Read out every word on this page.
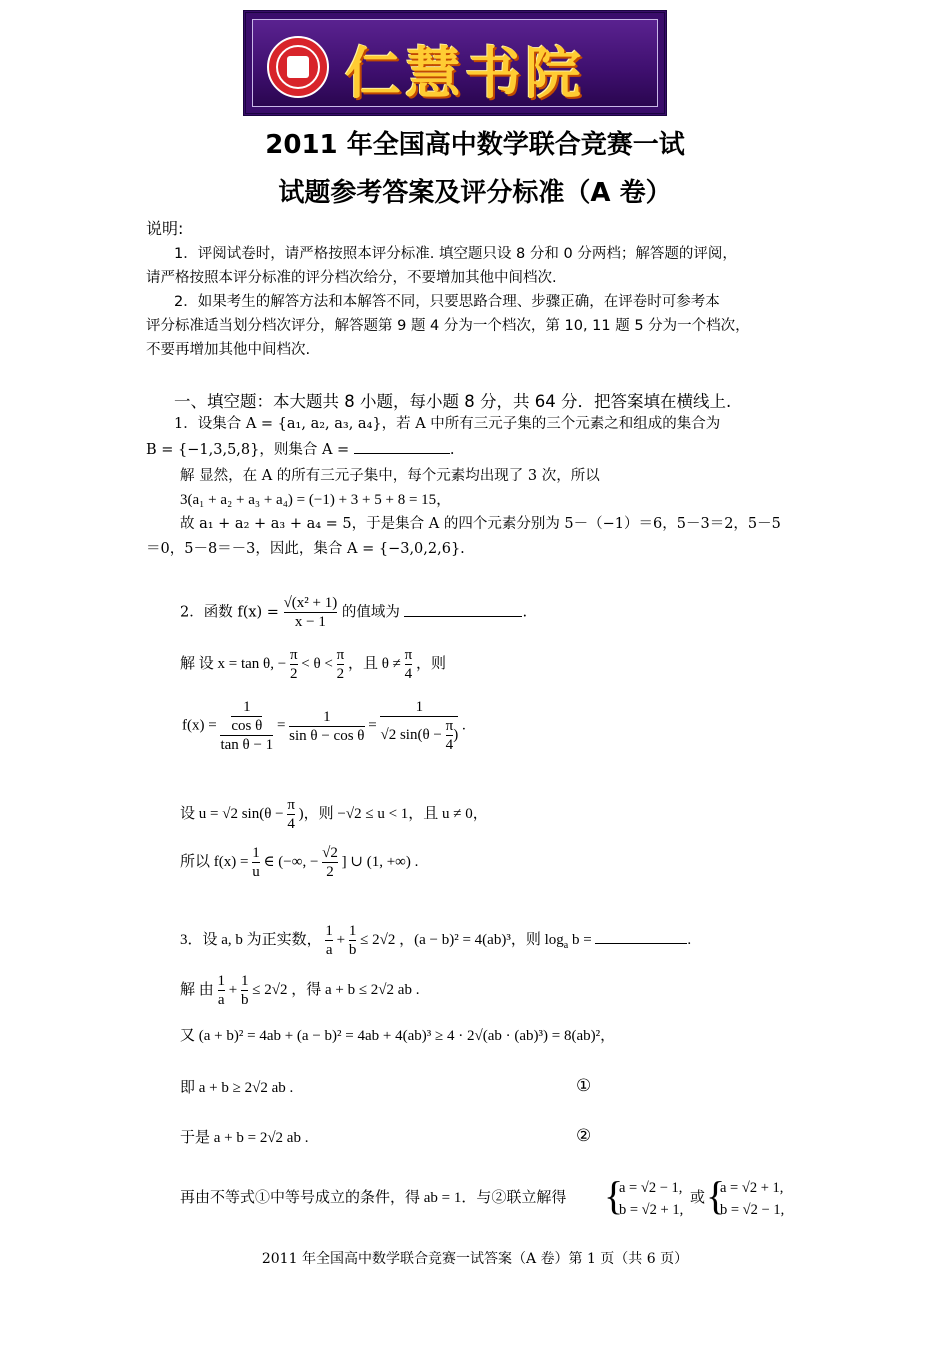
仁慧书院
2011 年全国高中数学联合竞赛一试
试题参考答案及评分标准（A 卷）
说明:
1．评阅试卷时，请严格按照本评分标准. 填空题只设 8 分和 0 分两档；解答题的评阅，
请严格按照本评分标准的评分档次给分，不要增加其他中间档次.
2．如果考生的解答方法和本解答不同，只要思路合理、步骤正确，在评卷时可参考本
评分标准适当划分档次评分，解答题第 9 题 4 分为一个档次，第 10, 11 题 5 分为一个档次，
不要再增加其他中间档次.
一、填空题：本大题共 8 小题，每小题 8 分，共 64 分．把答案填在横线上.
1．设集合 A = {a₁, a₂, a₃, a₄}，若 A 中所有三元子集的三个元素之和组成的集合为
B = {−1,3,5,8}，则集合 A =	.
解 显然，在 A 的所有三元子集中，每个元素均出现了 3 次，所以
3(a₁ + a₂ + a₃ + a₄) = (−1) + 3 + 5 + 8 = 15，
故 a₁ + a₂ + a₃ + a₄ = 5，于是集合 A 的四个元素分别为 5－（−1）＝6，5－3＝2，5－5
＝0，5－8＝－3，因此，集合 A = {−3,0,2,6}.
2．函数 $f(x) = \frac{\text{√(x² + 1)}}{x - 1}$ 的值域为	.
解 设 x = tan θ, − $\frac{\pi}{2} < \theta < \frac{\pi}{2}$ ，且 $\theta \ne \frac{\pi}{4}$ ，则
$f(x) = \frac{\frac{1}{\text{cos θ}}}{\text{tan θ − 1}} = \frac{1}{\text{sin θ − cos θ}} = \frac{1}{√2 \sin(\theta - \frac{\pi}{4} )}$ .
设 u = √2 $\sin(\theta - \frac{\pi}{4}$ )，则 −√2 ≤ u < 1，且 u ≠ 0，
所以 $f(x) = \frac{1}{u}$ ∈ (−∞, − $\frac{√2}{2}$ ] ∪ (1, +∞) .
3．设 a, b 为正实数， $\frac{1}{a} + \frac{1}{b} \le 2√2$ ，(a − b)² = 4(ab)³，则 $\log_a b$ =	.
解 由 $\frac{1}{a} + \frac{1}{b} \le 2√2$ ，得 a + b ≤ 2√2 ab .
又 (a + b)² = 4ab + (a − b)² = 4ab + 4(ab)³ ≥ 4 · 2√(ab · (ab)³) = 8(ab)²，
即 a + b ≥ 2√2 ab .	①
于是 a + b = 2√2 ab .	②
再由不等式①中等号成立的条件，得 ab = 1．与②联立解得 {
a = √2 − 1,
b = √2 + 1,
或 {
a = √2 + 1,
b = √2 − 1,
2011 年全国高中数学联合竞赛一试答案（A 卷）第 1 页（共 6 页）
